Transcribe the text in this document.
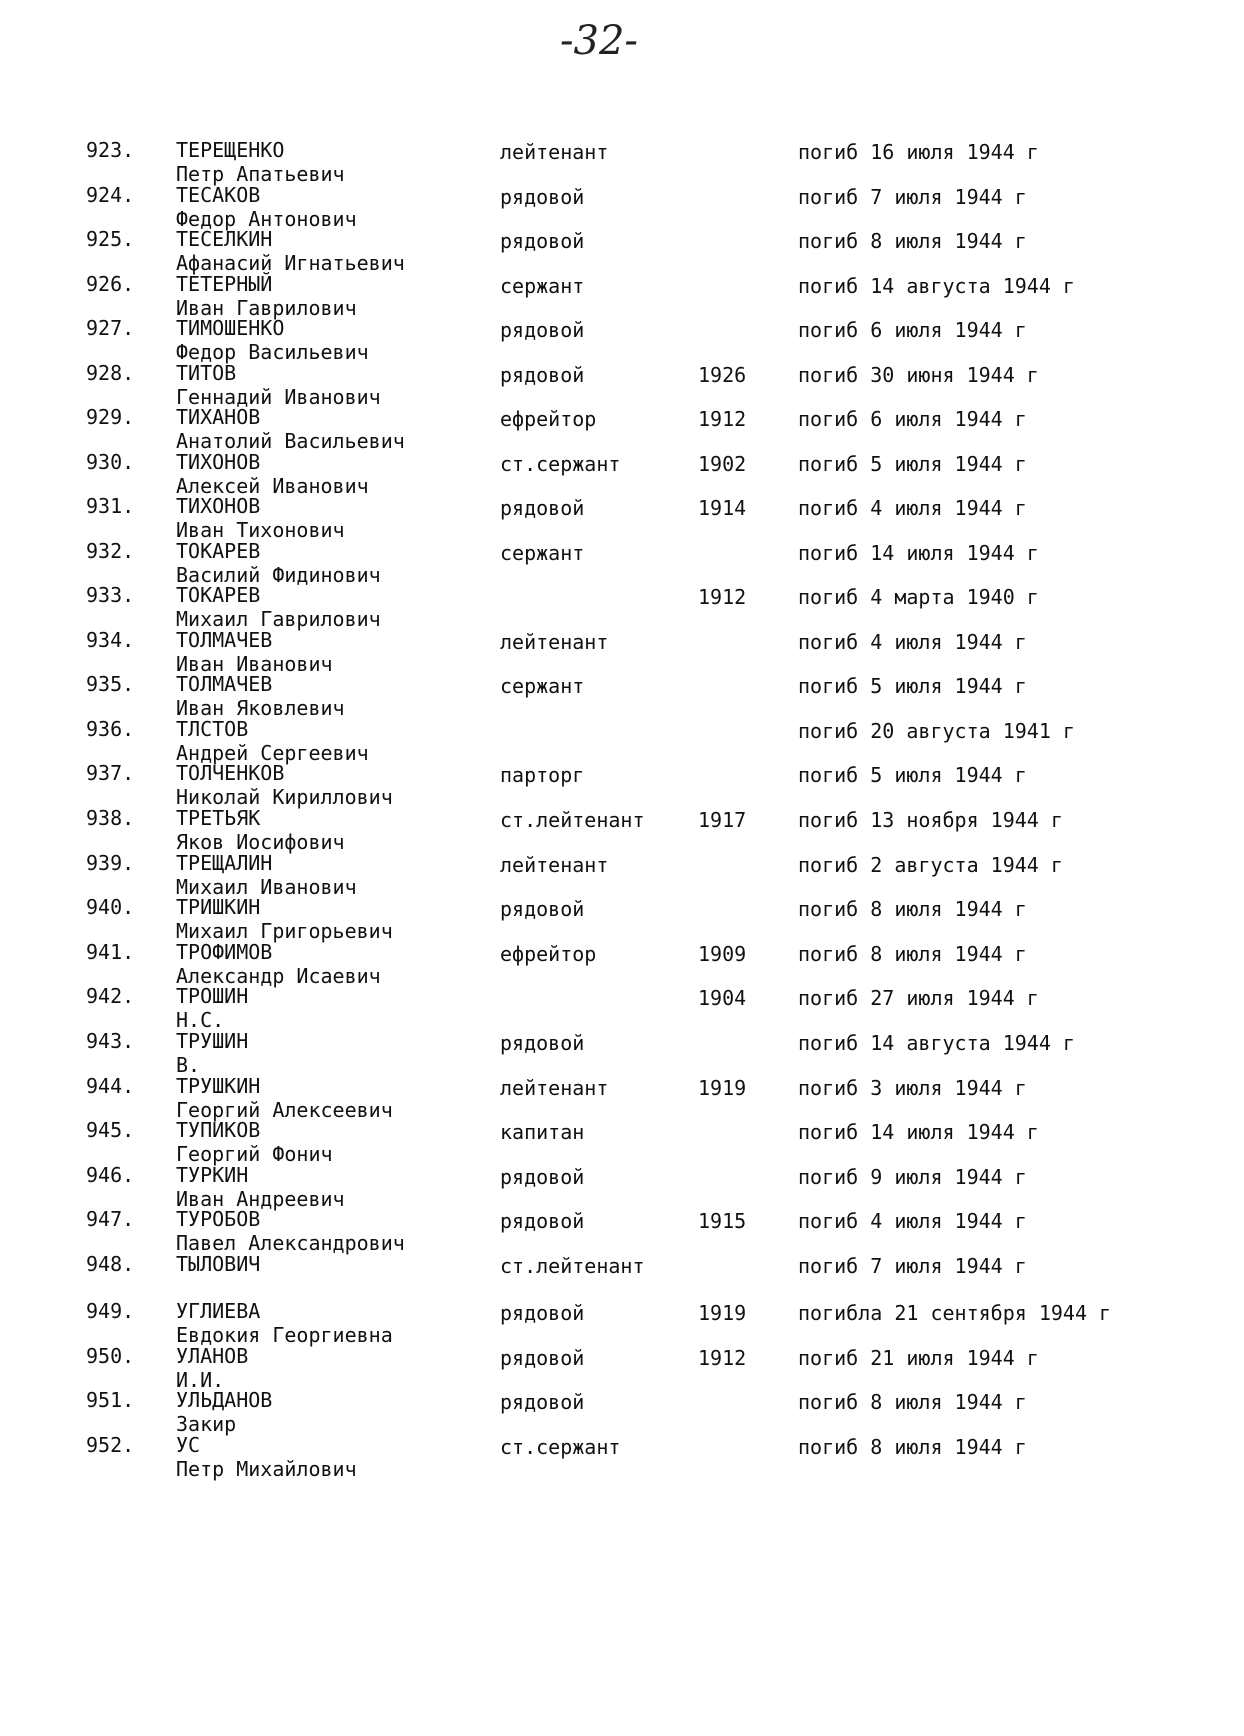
-32-
923. ТЕРЕЩЕНКО
Петр Апатьевич
лейтенант	погиб 16 июля 1944 г
924. ТЕСАКОВ
Федор Антонович
рядовой	погиб 7 июля 1944 г
925. ТЕСЕЛКИН
Афанасий Игнатьевич
рядовой	погиб 8 июля 1944 г
926. ТЕТЕРНЫЙ
Иван Гаврилович
сержант	погиб 14 августа 1944 г
927. ТИМОШЕНКО
Федор Васильевич
рядовой	погиб 6 июля 1944 г
928. ТИТОВ
Геннадий Иванович
рядовой	1926	погиб 30 июня 1944 г
929. ТИХАНОВ
Анатолий Васильевич
ефрейтор	1912	погиб 6 июля 1944 г
930. ТИХОНОВ
Алексей Иванович
ст.сержант	1902	погиб 5 июля 1944 г
931. ТИХОНОВ
Иван Тихонович
рядовой	1914	погиб 4 июля 1944 г
932. ТОКАРЕВ
Василий Фидинович
сержант	погиб 14 июля 1944 г
933. ТОКАРЕВ
Михаил Гаврилович
1912	погиб 4 марта 1940 г
934. ТОЛМАЧЕВ
Иван Иванович
лейтенант	погиб 4 июля 1944 г
935. ТОЛМАЧЕВ
Иван Яковлевич
сержант	погиб 5 июля 1944 г
936. ТЛСТОВ
Андрей Сергеевич
погиб 20 августа 1941 г
937. ТОЛЧЕНКОВ
Николай Кириллович
парторг	погиб 5 июля 1944 г
938. ТРЕТЬЯК
Яков Иосифович
ст.лейтенант	1917	погиб 13 ноября 1944 г
939. ТРЕЩАЛИН
Михаил Иванович
лейтенант	погиб 2 августа 1944 г
940. ТРИШКИН
Михаил Григорьевич
рядовой	погиб 8 июля 1944 г
941. ТРОФИМОВ
Александр Исаевич
ефрейтор	1909	погиб 8 июля 1944 г
942. ТРОШИН
Н.С.
1904	погиб 27 июля 1944 г
943. ТРУШИН
В.
рядовой	погиб 14 августа 1944 г
944. ТРУШКИН
Георгий Алексеевич
лейтенант	1919	погиб 3 июля 1944 г
945. ТУПИКОВ
Георгий Фонич
капитан	погиб 14 июля 1944 г
946. ТУРКИН
Иван Андреевич
рядовой	погиб 9 июля 1944 г
947. ТУРОБОВ
Павел Александрович
рядовой	1915	погиб 4 июля 1944 г
948. ТЫЛОВИЧ	ст.лейтенант	погиб 7 июля 1944 г
949. УГЛИЕВА
Евдокия Георгиевна
рядовой	1919	погибла 21 сентября 1944 г
950. УЛАНОВ
И.И.
рядовой	1912	погиб 21 июля 1944 г
951. УЛЬДАНОВ
Закир
рядовой	погиб 8 июля 1944 г
952. УС
Петр Михайлович
ст.сержант	погиб 8 июля 1944 г
